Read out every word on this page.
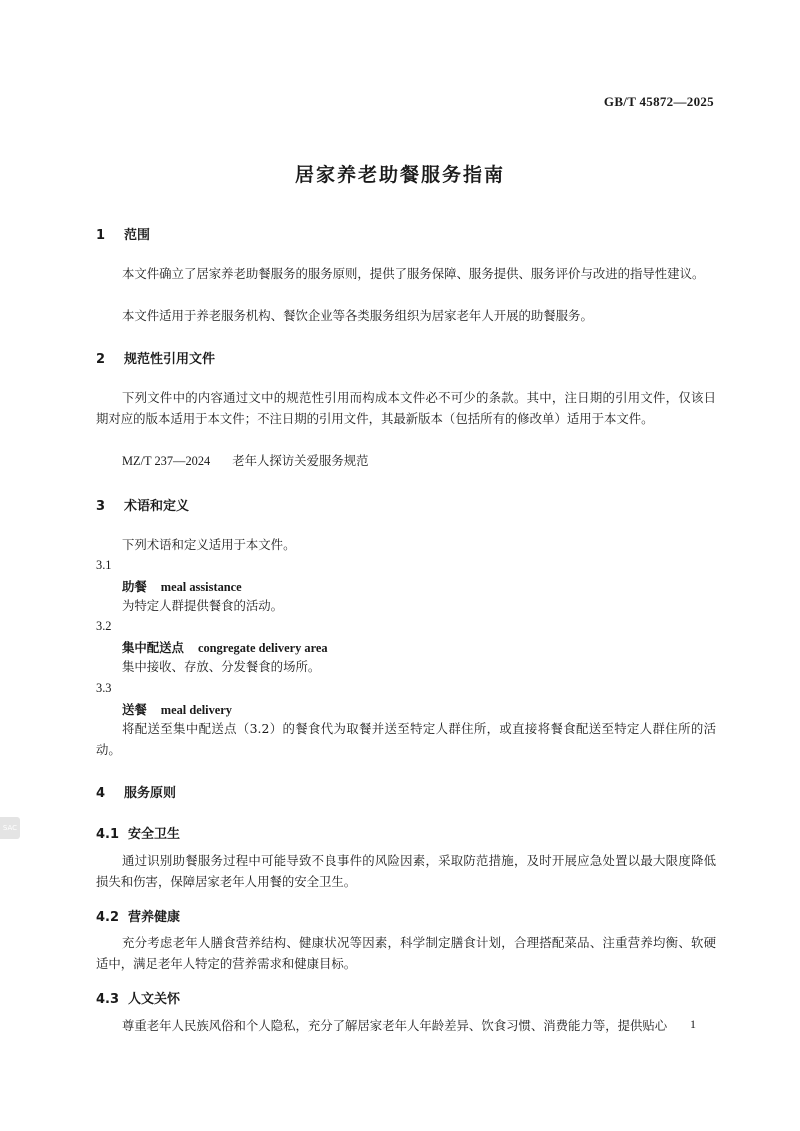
GB/T 45872—2025
居家养老助餐服务指南
1 范围
本文件确立了居家养老助餐服务的服务原则，提供了服务保障、服务提供、服务评价与改进的指导性建议。
本文件适用于养老服务机构、餐饮企业等各类服务组织为居家老年人开展的助餐服务。
2 规范性引用文件
下列文件中的内容通过文中的规范性引用而构成本文件必不可少的条款。其中，注日期的引用文件，仅该日期对应的版本适用于本文件；不注日期的引用文件，其最新版本（包括所有的修改单）适用于本文件。
MZ/T 237—2024 老年人探访关爱服务规范
3 术语和定义
下列术语和定义适用于本文件。
3.1
助餐 meal assistance
为特定人群提供餐食的活动。
3.2
集中配送点 congregate delivery area
集中接收、存放、分发餐食的场所。
3.3
送餐 meal delivery
将配送至集中配送点（3.2）的餐食代为取餐并送至特定人群住所，或直接将餐食配送至特定人群住所的活动。
4 服务原则
4.1 安全卫生
通过识别助餐服务过程中可能导致不良事件的风险因素，采取防范措施，及时开展应急处置以最大限度降低损失和伤害，保障居家老年人用餐的安全卫生。
4.2 营养健康
充分考虑老年人膳食营养结构、健康状况等因素，科学制定膳食计划，合理搭配菜品、注重营养均衡、软硬适中，满足老年人特定的营养需求和健康目标。
4.3 人文关怀
尊重老年人民族风俗和个人隐私，充分了解居家老年人年龄差异、饮食习惯、消费能力等，提供贴心	1
SAC
